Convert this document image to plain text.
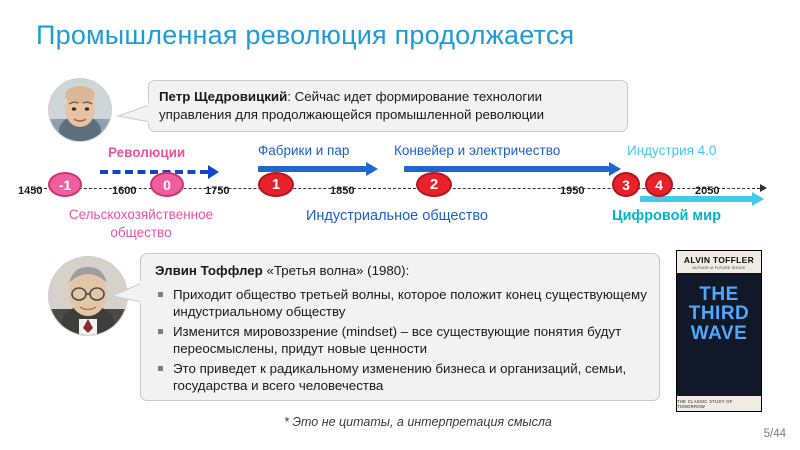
Промышленная революция продолжается
Петр Щедровицкий: Сейчас идет формирование технологии управления для продолжающейся промышленной революции
Революции	Фабрики и пар	Конвейер и электричество	Индустрия 4.0
1450	1600	1750	1850	1950	2050
-1	0	1	2	3	4
Сельскохозяйственное общество
Индустриальное общество	Цифровой мир
Элвин Тоффлер «Третья волна» (1980):
Приходит общество третьей волны, которое положит конец существующему индустриальному обществу
Изменится мировоззрение (mindset) – все существующие понятия будут переосмыслены, придут новые ценности
Это приведет к радикальному изменению бизнеса и организаций, семьи, государства и всего человечества
ALVIN TOFFLER
AUTHOR of FUTURE SHOCK
THE
THIRD
WAVE
THE CLASSIC STUDY OF TOMORROW
* Это не цитаты, а интерпретация смысла
5/44
